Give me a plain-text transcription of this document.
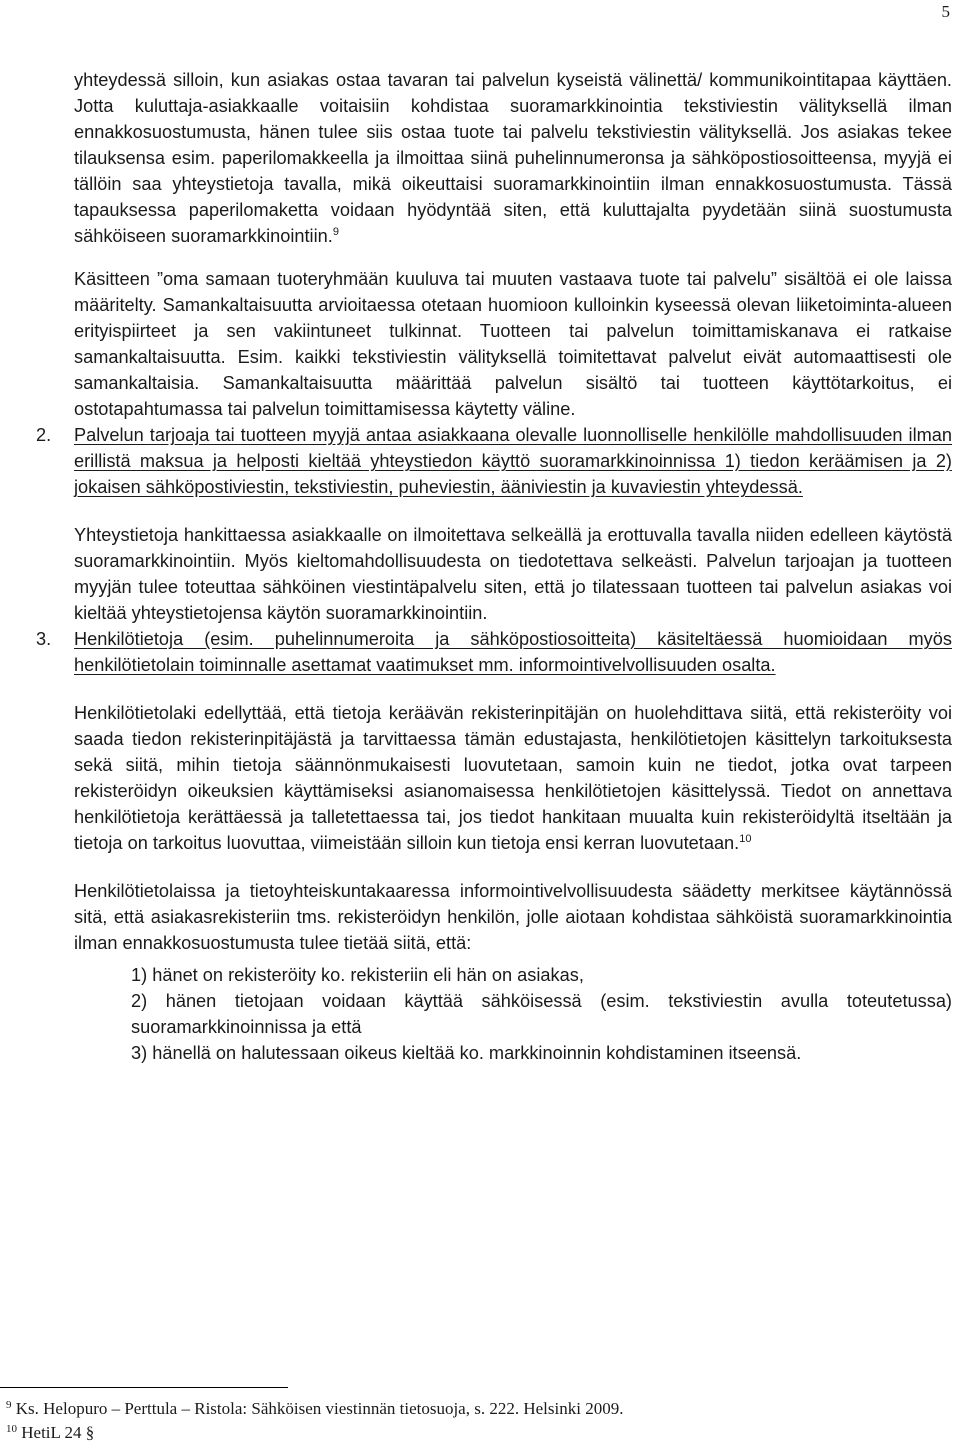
5

yhteydessä silloin, kun asiakas ostaa tavaran tai palvelun kyseistä välinettä/ kommunikointitapaa käyttäen. Jotta kuluttaja-asiakkaalle voitaisiin kohdistaa suoramarkkinointia tekstiviestin välityksellä ilman ennakkosuostumusta, hänen tulee siis ostaa tuote tai palvelu tekstiviestin välityksellä. Jos asiakas tekee tilauksensa esim. paperilomakkeella ja ilmoittaa siinä puhelinnumeronsa ja sähköpostiosoitteensa, myyjä ei tällöin saa yhteystietoja tavalla, mikä oikeuttaisi suoramarkkinointiin ilman ennakkosuostumusta. Tässä tapauksessa paperilomaketta voidaan hyödyntää siten, että kuluttajalta pyydetään siinä suostumusta sähköiseen suoramarkkinointiin.$^9$

Käsitteen ”oma samaan tuoteryhmään kuuluva tai muuten vastaava tuote tai palvelu” sisältöä ei ole laissa määritelty. Samankaltaisuutta arvioitaessa otetaan huomioon kulloinkin kyseessä olevan liiketoiminta-alueen erityispiirteet ja sen vakiintuneet tulkinnat. Tuotteen tai palvelun toimittamiskanava ei ratkaise samankaltaisuutta. Esim. kaikki tekstiviestin välityksellä toimitettavat palvelut eivät automaattisesti ole samankaltaisia. Samankaltaisuutta määrittää palvelun sisältö tai tuotteen käyttötarkoitus, ei ostotapahtumassa tai palvelun toimittamisessa käytetty väline.

2. Palvelun tarjoaja tai tuotteen myyjä antaa asiakkaana olevalle luonnolliselle henkilölle mahdollisuuden ilman erillistä maksua ja helposti kieltää yhteystiedon käyttö suoramarkkinoinnissa 1) tiedon keräämisen ja 2) jokaisen sähköpostiviestin, tekstiviestin, puheviestin, ääniviestin ja kuvaviestin yhteydessä.

Yhteystietoja hankittaessa asiakkaalle on ilmoitettava selkeällä ja erottuvalla tavalla niiden edelleen käytöstä suoramarkkinointiin. Myös kieltomahdollisuudesta on tiedotettava selkeästi. Palvelun tarjoajan ja tuotteen myyjän tulee toteuttaa sähköinen viestintäpalvelu siten, että jo tilatessaan tuotteen tai palvelun asiakas voi kieltää yhteystietojensa käytön suoramarkkinointiin.

3. Henkilötietoja (esim. puhelinnumeroita ja sähköpostiosoitteita) käsiteltäessä huomioidaan myös henkilötietolain toiminnalle asettamat vaatimukset mm. informointivelvollisuuden osalta.

Henkilötietolaki edellyttää, että tietoja keräävän rekisterinpitäjän on huolehdittava siitä, että rekisteröity voi saada tiedon rekisterinpitäjästä ja tarvittaessa tämän edustajasta, henkilötietojen käsittelyn tarkoituksesta sekä siitä, mihin tietoja säännönmukaisesti luovutetaan, samoin kuin ne tiedot, jotka ovat tarpeen rekisteröidyn oikeuksien käyttämiseksi asianomaisessa henkilötietojen käsittelyssä. Tiedot on annettava henkilötietoja kerättäessä ja talletettaessa tai, jos tiedot hankitaan muualta kuin rekisteröidyltä itseltään ja tietoja on tarkoitus luovuttaa, viimeistään silloin kun tietoja ensi kerran luovutetaan.$^{10}$

Henkilötietolaissa ja tietoyhteiskuntakaaressa informointivelvollisuudesta säädetty merkitsee käytännössä sitä, että asiakasrekisteriin tms. rekisteröidyn henkilön, jolle aiotaan kohdistaa sähköistä suoramarkkinointia ilman ennakkosuostumusta tulee tietää siitä, että:

1) hänet on rekisteröity ko. rekisteriin eli hän on asiakas,

2) hänen tietojaan voidaan käyttää sähköisessä (esim. tekstiviestin avulla toteutetussa) suoramarkkinoinnissa ja että

3) hänellä on halutessaan oikeus kieltää ko. markkinoinnin kohdistaminen itseensä.

$^9$ Ks. Helopuro – Perttula – Ristola: Sähköisen viestinnän tietosuoja, s. 222. Helsinki 2009.
$^{10}$ HetiL 24 §
